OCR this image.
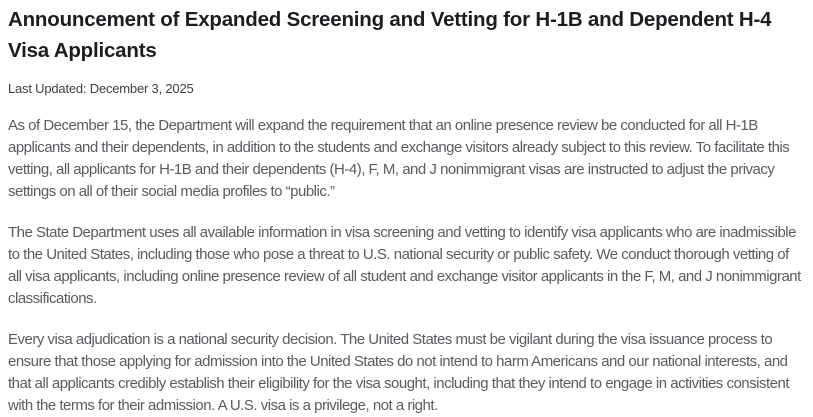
Announcement of Expanded Screening and Vetting for H-1B and Dependent H-4
Visa Applicants
Last Updated: December 3, 2025

As of December 15, the Department will expand the requirement that an online presence review be conducted for all H-1B applicants and their dependents, in addition to the students and exchange visitors already subject to this review. To facilitate this vetting, all applicants for H-1B and their dependents (H-4), F, M, and J nonimmigrant visas are instructed to adjust the privacy settings on all of their social media profiles to “public.”

The State Department uses all available information in visa screening and vetting to identify visa applicants who are inadmissible to the United States, including those who pose a threat to U.S. national security or public safety. We conduct thorough vetting of all visa applicants, including online presence review of all student and exchange visitor applicants in the F, M, and J nonimmigrant classifications.

Every visa adjudication is a national security decision. The United States must be vigilant during the visa issuance process to ensure that those applying for admission into the United States do not intend to harm Americans and our national interests, and that all applicants credibly establish their eligibility for the visa sought, including that they intend to engage in activities consistent with the terms for their admission. A U.S. visa is a privilege, not a right.
